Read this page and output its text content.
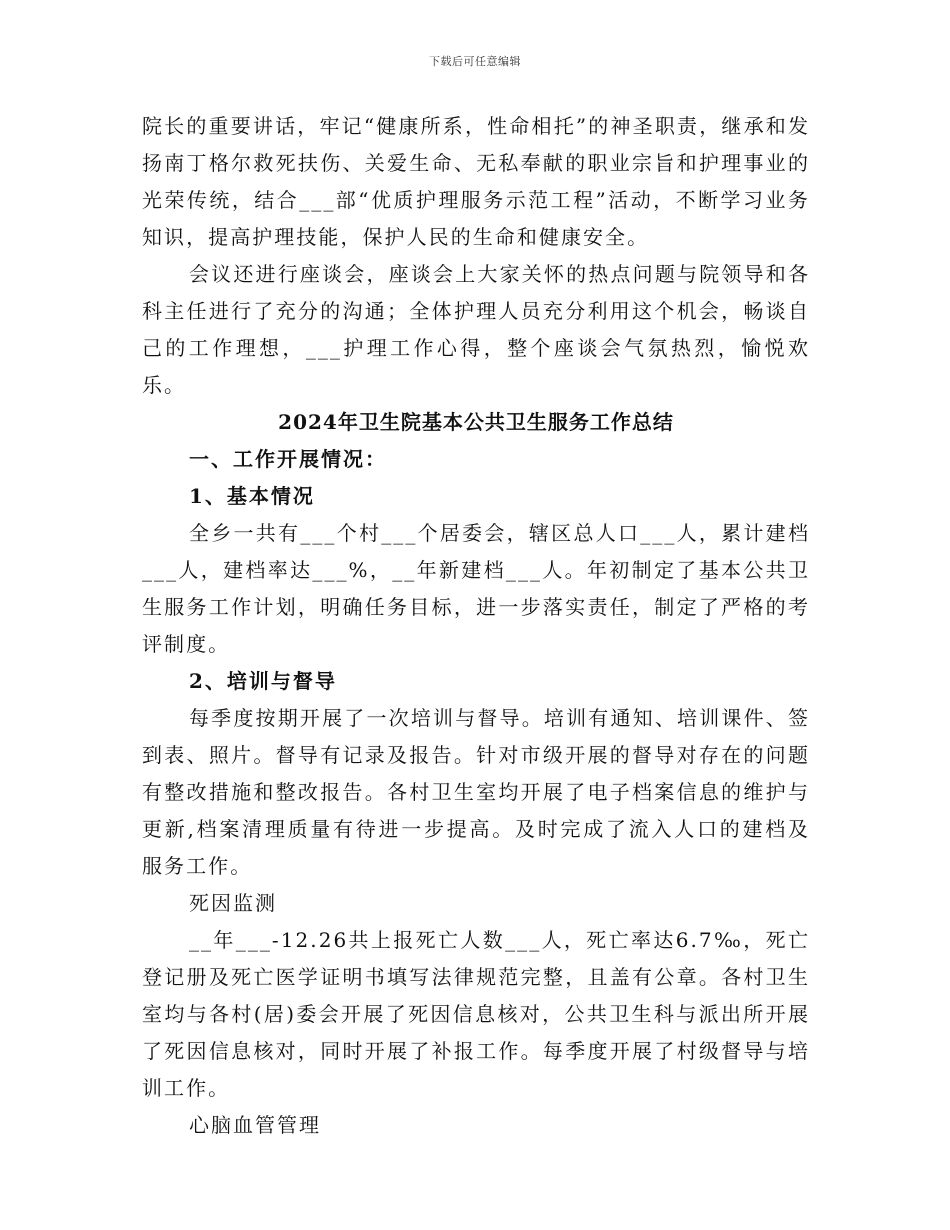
下载后可任意编辑

院长的重要讲话，牢记“健康所系，性命相托”的神圣职责，继承和发扬南丁格尔救死扶伤、关爱生命、无私奉献的职业宗旨和护理事业的光荣传统，结合___部“优质护理服务示范工程”活动，不断学习业务知识，提高护理技能，保护人民的生命和健康安全。

会议还进行座谈会，座谈会上大家关怀的热点问题与院领导和各科主任进行了充分的沟通；全体护理人员充分利用这个机会，畅谈自己的工作理想，___护理工作心得，整个座谈会气氛热烈，愉悦欢乐。

2024年卫生院基本公共卫生服务工作总结

一、工作开展情况：

1、基本情况

全乡一共有___个村___个居委会，辖区总人口___人，累计建档___人，建档率达___%，__年新建档___人。年初制定了基本公共卫生服务工作计划，明确任务目标，进一步落实责任，制定了严格的考评制度。

2、培训与督导

每季度按期开展了一次培训与督导。培训有通知、培训课件、签到表、照片。督导有记录及报告。针对市级开展的督导对存在的问题有整改措施和整改报告。各村卫生室均开展了电子档案信息的维护与更新,档案清理质量有待进一步提高。及时完成了流入人口的建档及服务工作。

死因监测

__年___-12.26共上报死亡人数___人，死亡率达6.7‰，死亡登记册及死亡医学证明书填写法律规范完整，且盖有公章。各村卫生室均与各村(居)委会开展了死因信息核对，公共卫生科与派出所开展了死因信息核对，同时开展了补报工作。每季度开展了村级督导与培训工作。

心脑血管管理
